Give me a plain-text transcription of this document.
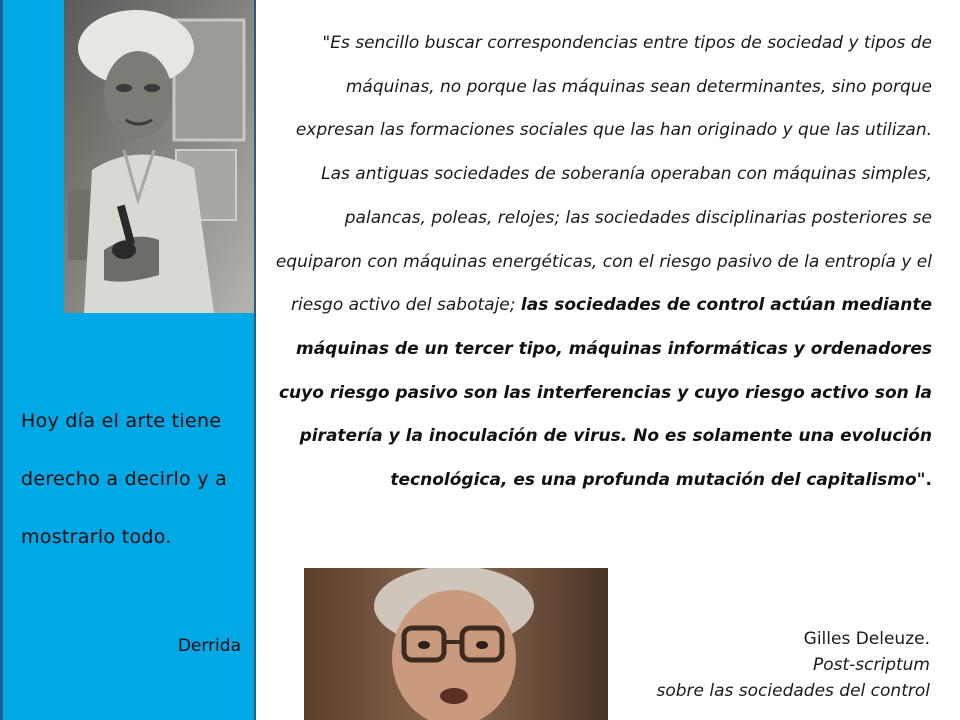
Hoy día el arte tiene derecho a decirlo y a mostrarlo todo.
Derrida
"Es sencillo buscar correspondencias entre tipos de sociedad y tipos de máquinas, no porque las máquinas sean determinantes, sino porque expresan las formaciones sociales que las han originado y que las utilizan. Las antiguas sociedades de soberanía operaban con máquinas simples, palancas, poleas, relojes; las sociedades disciplinarias posteriores se equiparon con máquinas energéticas, con el riesgo pasivo de la entropía y el riesgo activo del sabotaje; las sociedades de control actúan mediante máquinas de un tercer tipo, máquinas informáticas y ordenadores cuyo riesgo pasivo son las interferencias y cuyo riesgo activo son la piratería y la inoculación de virus. No es solamente una evolución tecnológica, es una profunda mutación del capitalismo".
Gilles Deleuze.
Post-scriptum
sobre las sociedades del control
